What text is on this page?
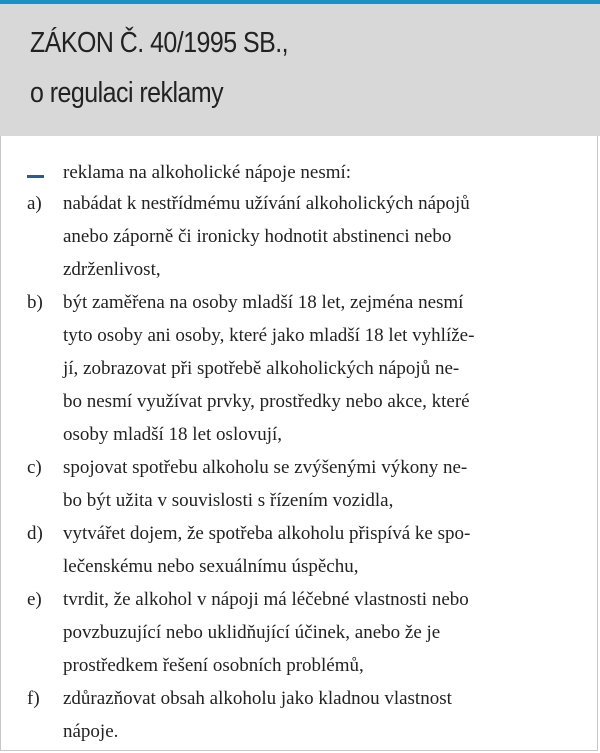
ZÁKON Č. 40/1995 SB.,
o regulaci reklamy
reklama na alkoholické nápoje nesmí:
a) nabádat k nestřídmému užívání alkoholických nápojů
anebo záporně či ironicky hodnotit abstinenci nebo
zdrženlivost,
b) být zaměřena na osoby mladší 18 let, zejména nesmí
tyto osoby ani osoby, které jako mladší 18 let vyhlíže-
jí, zobrazovat při spotřebě alkoholických nápojů ne-
bo nesmí využívat prvky, prostředky nebo akce, které
osoby mladší 18 let oslovují,
c) spojovat spotřebu alkoholu se zvýšenými výkony ne-
bo být užita v souvislosti s řízením vozidla,
d) vytvářet dojem, že spotřeba alkoholu přispívá ke spo-
lečenskému nebo sexuálnímu úspěchu,
e) tvrdit, že alkohol v nápoji má léčebné vlastnosti nebo
povzbuzující nebo uklidňující účinek, anebo že je
prostředkem řešení osobních problémů,
f) zdůrazňovat obsah alkoholu jako kladnou vlastnost
nápoje.
